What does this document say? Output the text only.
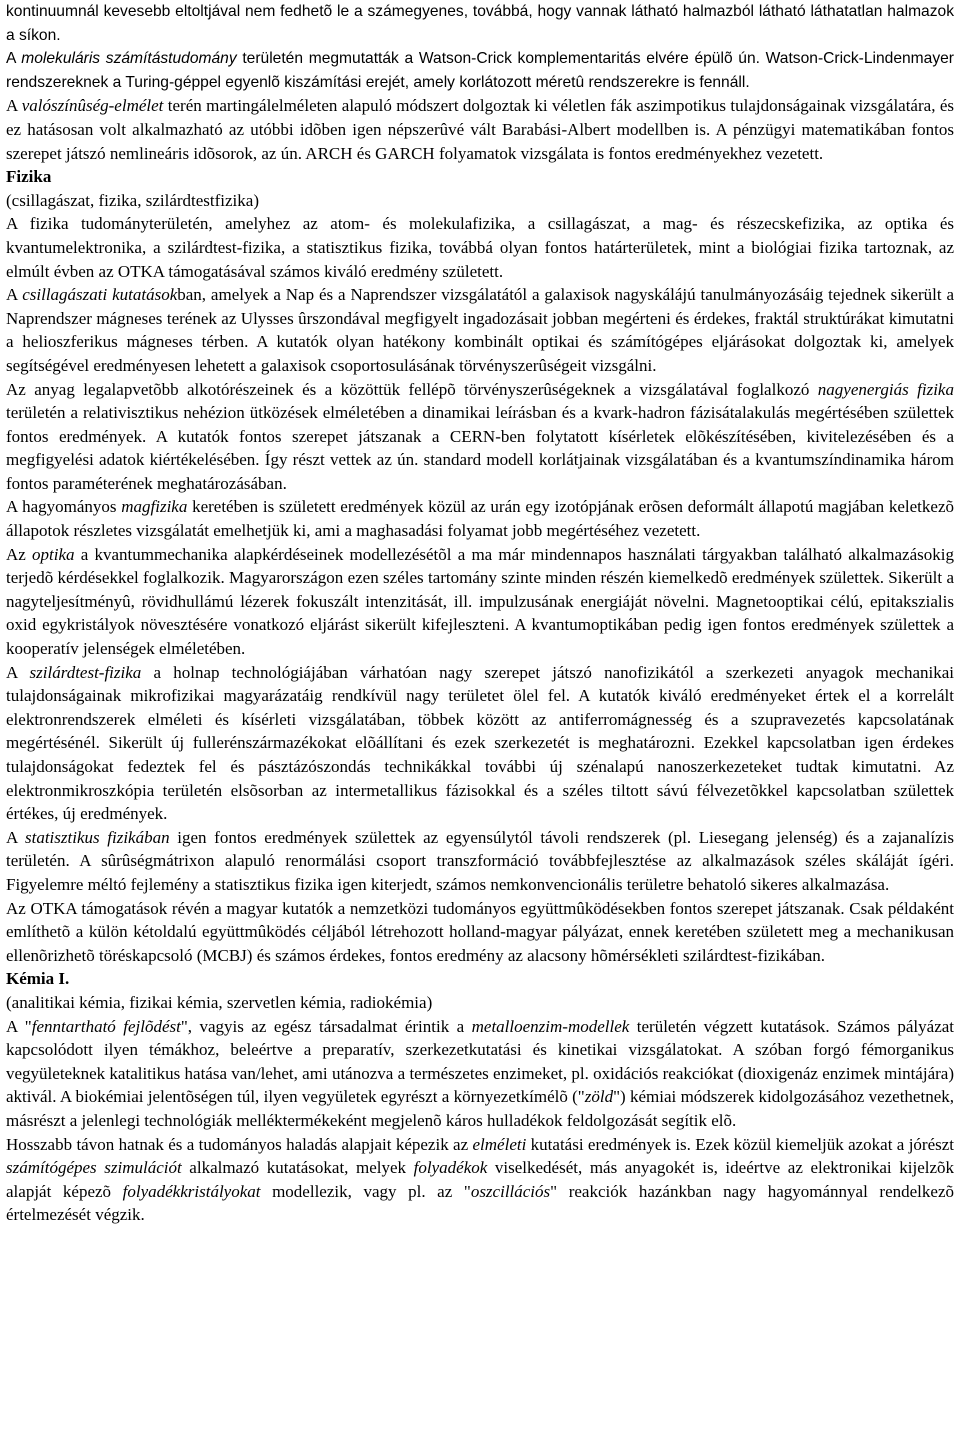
kontinuumnál kevesebb eltoltjával nem fedhetõ le a számegyenes, továbbá, hogy vannak látható halmazból látható láthatatlan halmazok a síkon.

A molekuláris számítástudomány területén megmutatták a Watson-Crick komplementaritás elvére épülõ ún. Watson-Crick-Lindenmayer rendszereknek a Turing-géppel egyenlõ kiszámítási erejét, amely korlátozott méretû rendszerekre is fennáll.

A valószínûség-elmélet terén martingálelméleten alapuló módszert dolgoztak ki véletlen fák aszimpotikus tulajdonságainak vizsgálatára, és ez hatásosan volt alkalmazható az utóbbi idõben igen népszerûvé vált Barabási-Albert modellben is. A pénzügyi matematikában fontos szerepet játszó nemlineáris idõsorok, az ún. ARCH és GARCH folyamatok vizsgálata is fontos eredményekhez vezetett.

Fizika

(csillagászat, fizika, szilárdtestfizika)

A fizika tudományterületén, amelyhez az atom- és molekulafizika, a csillagászat, a mag- és részecskefizika, az optika és kvantumelektronika, a szilárdtest-fizika, a statisztikus fizika, továbbá olyan fontos határterületek, mint a biológiai fizika tartoznak, az elmúlt évben az OTKA támogatásával számos kiváló eredmény született.

A csillagászati kutatásokban, amelyek a Nap és a Naprendszer vizsgálatától a galaxisok nagyskálájú tanulmányozásáig tejednek sikerült a Naprendszer mágneses terének az Ulysses ûrszondával megfigyelt ingadozásait jobban megérteni és érdekes, fraktál struktúrákat kimutatni a helioszferikus mágneses térben. A kutatók olyan hatékony kombinált optikai és számítógépes eljárásokat dolgoztak ki, amelyek segítségével eredményesen lehetett a galaxisok csoportosulásának törvényszerûségeit vizsgálni.

Az anyag legalapvetõbb alkotórészeinek és a közöttük fellépõ törvényszerûségeknek a vizsgálatával foglalkozó nagyenergiás fizika területén a relativisztikus nehézion ütközések elméletében a dinamikai leírásban és a kvark-hadron fázisátalakulás megértésében születtek fontos eredmények. A kutatók fontos szerepet játszanak a CERN-ben folytatott kísérletek elõkészítésében, kivitelezésében és a megfigyelési adatok kiértékelésében. Így részt vettek az ún. standard modell korlátjainak vizsgálatában és a kvantumszíndinamika három fontos paraméterének meghatározásában.

A hagyományos magfizika keretében is született eredmények közül az urán egy izotópjának erõsen deformált állapotú magjában keletkezõ állapotok részletes vizsgálatát emelhetjük ki, ami a maghasadási folyamat jobb megértéséhez vezetett.

Az optika a kvantummechanika alapkérdéseinek modellezésétõl a ma már mindennapos használati tárgyakban található alkalmazásokig terjedõ kérdésekkel foglalkozik. Magyarországon ezen széles tartomány szinte minden részén kiemelkedõ eredmények születtek. Sikerült a nagyteljesítményû, rövidhullámú lézerek fokuszált intenzitását, ill. impulzusának energiáját növelni. Magnetooptikai célú, epitakszialis oxid egykristályok növesztésére vonatkozó eljárást sikerült kifejleszteni. A kvantumoptikában pedig igen fontos eredmények születtek a kooperatív jelenségek elméletében.

A szilárdtest-fizika a holnap technológiájában várhatóan nagy szerepet játszó nanofizikától a szerkezeti anyagok mechanikai tulajdonságainak mikrofizikai magyarázatáig rendkívül nagy területet ölel fel. A kutatók kiváló eredményeket értek el a korrelált elektronrendszerek elméleti és kísérleti vizsgálatában, többek között az antiferromágnesség és a szupravezetés kapcsolatának megértésénél. Sikerült új fullerénszármazékokat elõállítani és ezek szerkezetét is meghatározni. Ezekkel kapcsolatban igen érdekes tulajdonságokat fedeztek fel és pásztázószondás technikákkal további új szénalapú nanoszerkezeteket tudtak kimutatni. Az elektronmikroszkópia területén elsõsorban az intermetallikus fázisokkal és a széles tiltott sávú félvezetõkkel kapcsolatban születtek értékes, új eredmények.

A statisztikus fizikában igen fontos eredmények születtek az egyensúlytól távoli rendszerek (pl. Liesegang jelenség) és a zajanalízis területén. A sûrûségmátrixon alapuló renormálási csoport transzformáció továbbfejlesztése az alkalmazások széles skáláját ígéri. Figyelemre méltó fejlemény a statisztikus fizika igen kiterjedt, számos nemkonvencionális területre behatoló sikeres alkalmazása.

Az OTKA támogatások révén a magyar kutatók a nemzetközi tudományos együttmûködésekben fontos szerepet játszanak. Csak példaként említhetõ a külön kétoldalú együttmûködés céljából létrehozott holland-magyar pályázat, ennek keretében született meg a mechanikusan ellenõrizhetõ töréskapcsoló (MCBJ) és számos érdekes, fontos eredmény az alacsony hõmérsékleti szilárdtest-fizikában.

Kémia I.

(analitikai kémia, fizikai kémia, szervetlen kémia, radiokémia)

A "fenntartható fejlõdést", vagyis az egész társadalmat érintik a metalloenzim-modellek területén végzett kutatások. Számos pályázat kapcsolódott ilyen témákhoz, beleértve a preparatív, szerkezetkutatási és kinetikai vizsgálatokat. A szóban forgó fémorganikus vegyületeknek katalitikus hatása van/lehet, ami utánozva a természetes enzimeket, pl. oxidációs reakciókat (dioxigenáz enzimek mintájára) aktivál. A biokémiai jelentõségen túl, ilyen vegyületek egyrészt a környezetkímélõ ("zöld") kémiai módszerek kidolgozásához vezethetnek, másrészt a jelenlegi technológiák melléktermékeként megjelenõ káros hulladékok feldolgozását segítik elõ.

Hosszabb távon hatnak és a tudományos haladás alapjait képezik az elméleti kutatási eredmények is. Ezek közül kiemeljük azokat a jórészt számítógépes szimulációt alkalmazó kutatásokat, melyek folyadékok viselkedését, más anyagokét is, ideértve az elektronikai kijelzõk alapját képezõ folyadékkristályokat modellezik, vagy pl. az "oszcillációs" reakciók hazánkban nagy hagyománnyal rendelkezõ értelmezését végzik.
